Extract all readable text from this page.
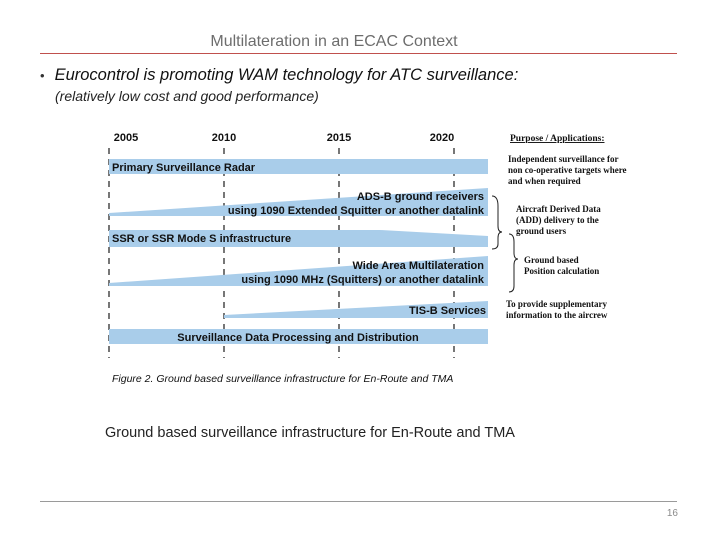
Multilateration in an ECAC Context
• Eurocontrol is promoting WAM technology for ATC surveillance:
(relatively low cost and good performance)
2005	2010	2015	2020
Primary Surveillance Radar
ADS-B ground receivers
using 1090 Extended Squitter or another datalink
SSR or SSR Mode S infrastructure
Wide Area Multilateration
using 1090 MHz (Squitters) or another datalink
TIS-B Services
Surveillance Data Processing and Distribution
Purpose / Applications:
Independent surveillance for
non co-operative targets where
and when required
Aircraft Derived Data
(ADD) delivery to the
ground users
Ground based
Position calculation
To provide supplementary
information to the aircrew
Figure 2. Ground based surveillance infrastructure for En-Route and TMA
Ground based surveillance infrastructure for En-Route and TMA
16
